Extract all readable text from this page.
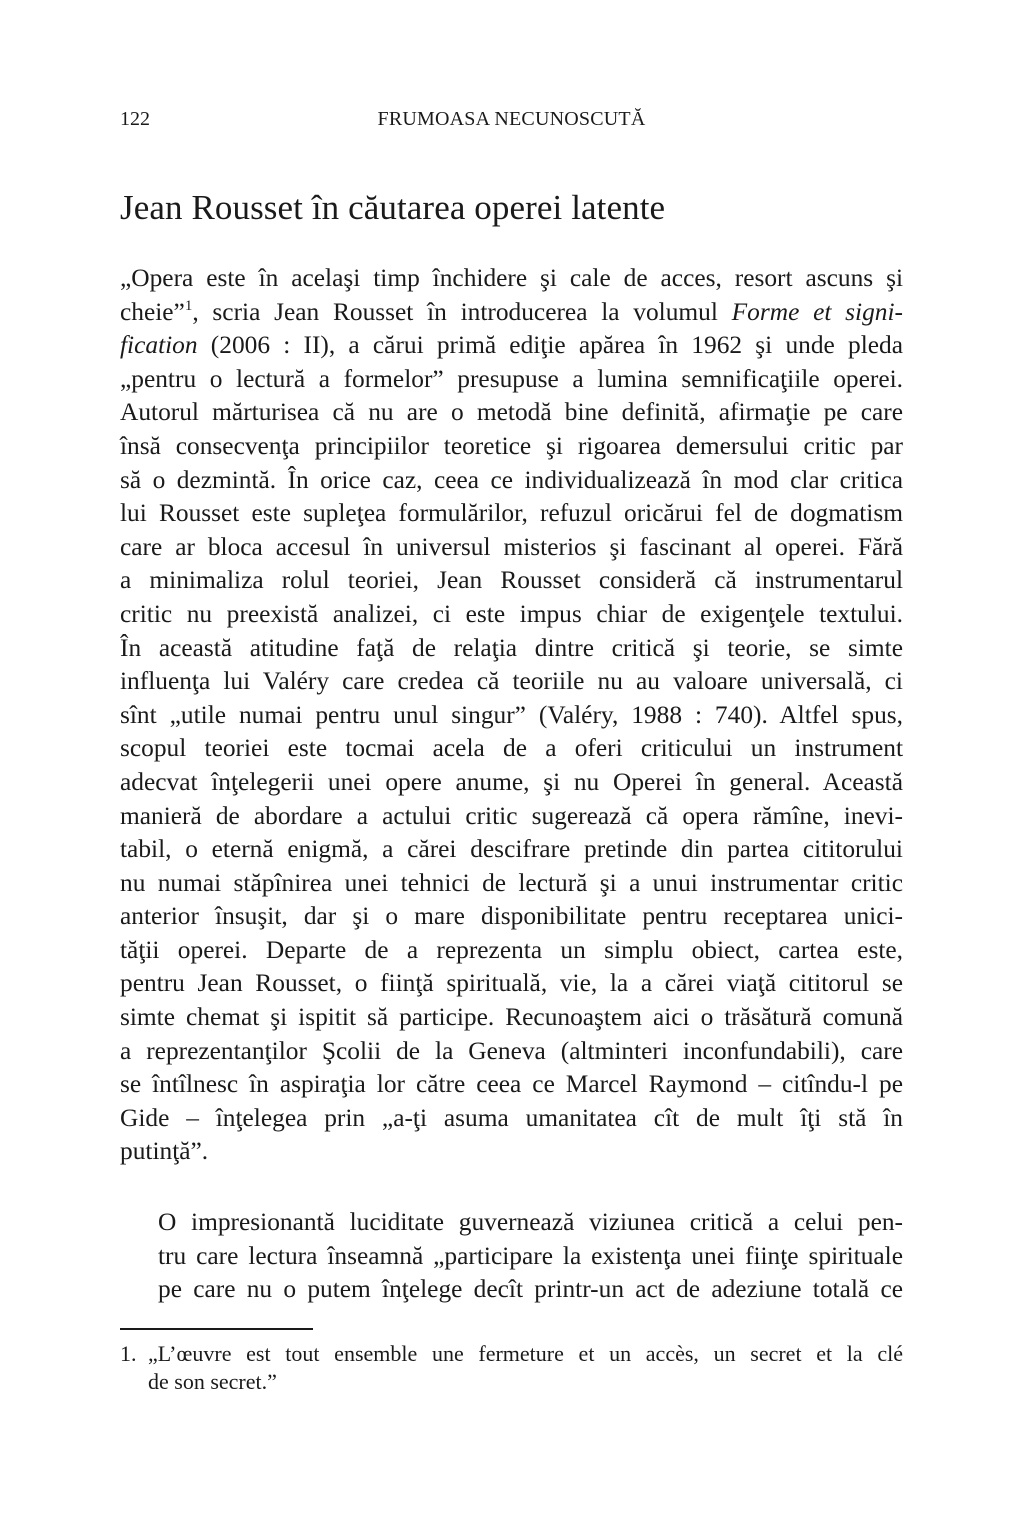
122	FRUMOASA NECUNOSCUTĂ
Jean Rousset în căutarea operei latente

„Opera este în acelaşi timp închidere şi cale de acces, resort ascuns şi
cheie”$^1$, scria Jean Rousset în introducerea la volumul Forme et signi-
fication (2006 : II), a cărui primă ediţie apărea în 1962 şi unde pleda
„pentru o lectură a formelor” presupuse a lumina semnificaţiile operei.
Autorul mărturisea că nu are o metodă bine definită, afirmaţie pe care
însă consecvenţa principiilor teoretice şi rigoarea demersului critic par
să o dezmintă. În orice caz, ceea ce individualizează în mod clar critica
lui Rousset este supleţea formulărilor, refuzul oricărui fel de dogmatism
care ar bloca accesul în universul misterios şi fascinant al operei. Fără
a minimaliza rolul teoriei, Jean Rousset consideră că instrumentarul
critic nu preexistă analizei, ci este impus chiar de exigenţele textului.
În această atitudine faţă de relaţia dintre critică şi teorie, se simte
influenţa lui Valéry care credea că teoriile nu au valoare universală, ci
sînt „utile numai pentru unul singur” (Valéry, 1988 : 740). Altfel spus,
scopul teoriei este tocmai acela de a oferi criticului un instrument
adecvat înţelegerii unei opere anume, şi nu Operei în general. Această
manieră de abordare a actului critic sugerează că opera rămîne, inevi-
tabil, o eternă enigmă, a cărei descifrare pretinde din partea cititorului
nu numai stăpînirea unei tehnici de lectură şi a unui instrumentar critic
anterior însuşit, dar şi o mare disponibilitate pentru receptarea unici-
tăţii operei. Departe de a reprezenta un simplu obiect, cartea este,
pentru Jean Rousset, o fiinţă spirituală, vie, la a cărei viaţă cititorul se
simte chemat şi ispitit să participe. Recunoaştem aici o trăsătură comună
a reprezentanţilor Şcolii de la Geneva (altminteri inconfundabili), care
se întîlnesc în aspiraţia lor către ceea ce Marcel Raymond – citîndu-l pe
Gide – înţelegea prin „a-ţi asuma umanitatea cît de mult îţi stă în
putinţă”.

O impresionantă luciditate guvernează viziunea critică a celui pen-
tru care lectura înseamnă „participare la existenţa unei fiinţe spirituale
pe care nu o putem înţelege decît printr-un act de adeziune totală ce

1. „L’œuvre est tout ensemble une fermeture et un accès, un secret et la clé
de son secret.”
